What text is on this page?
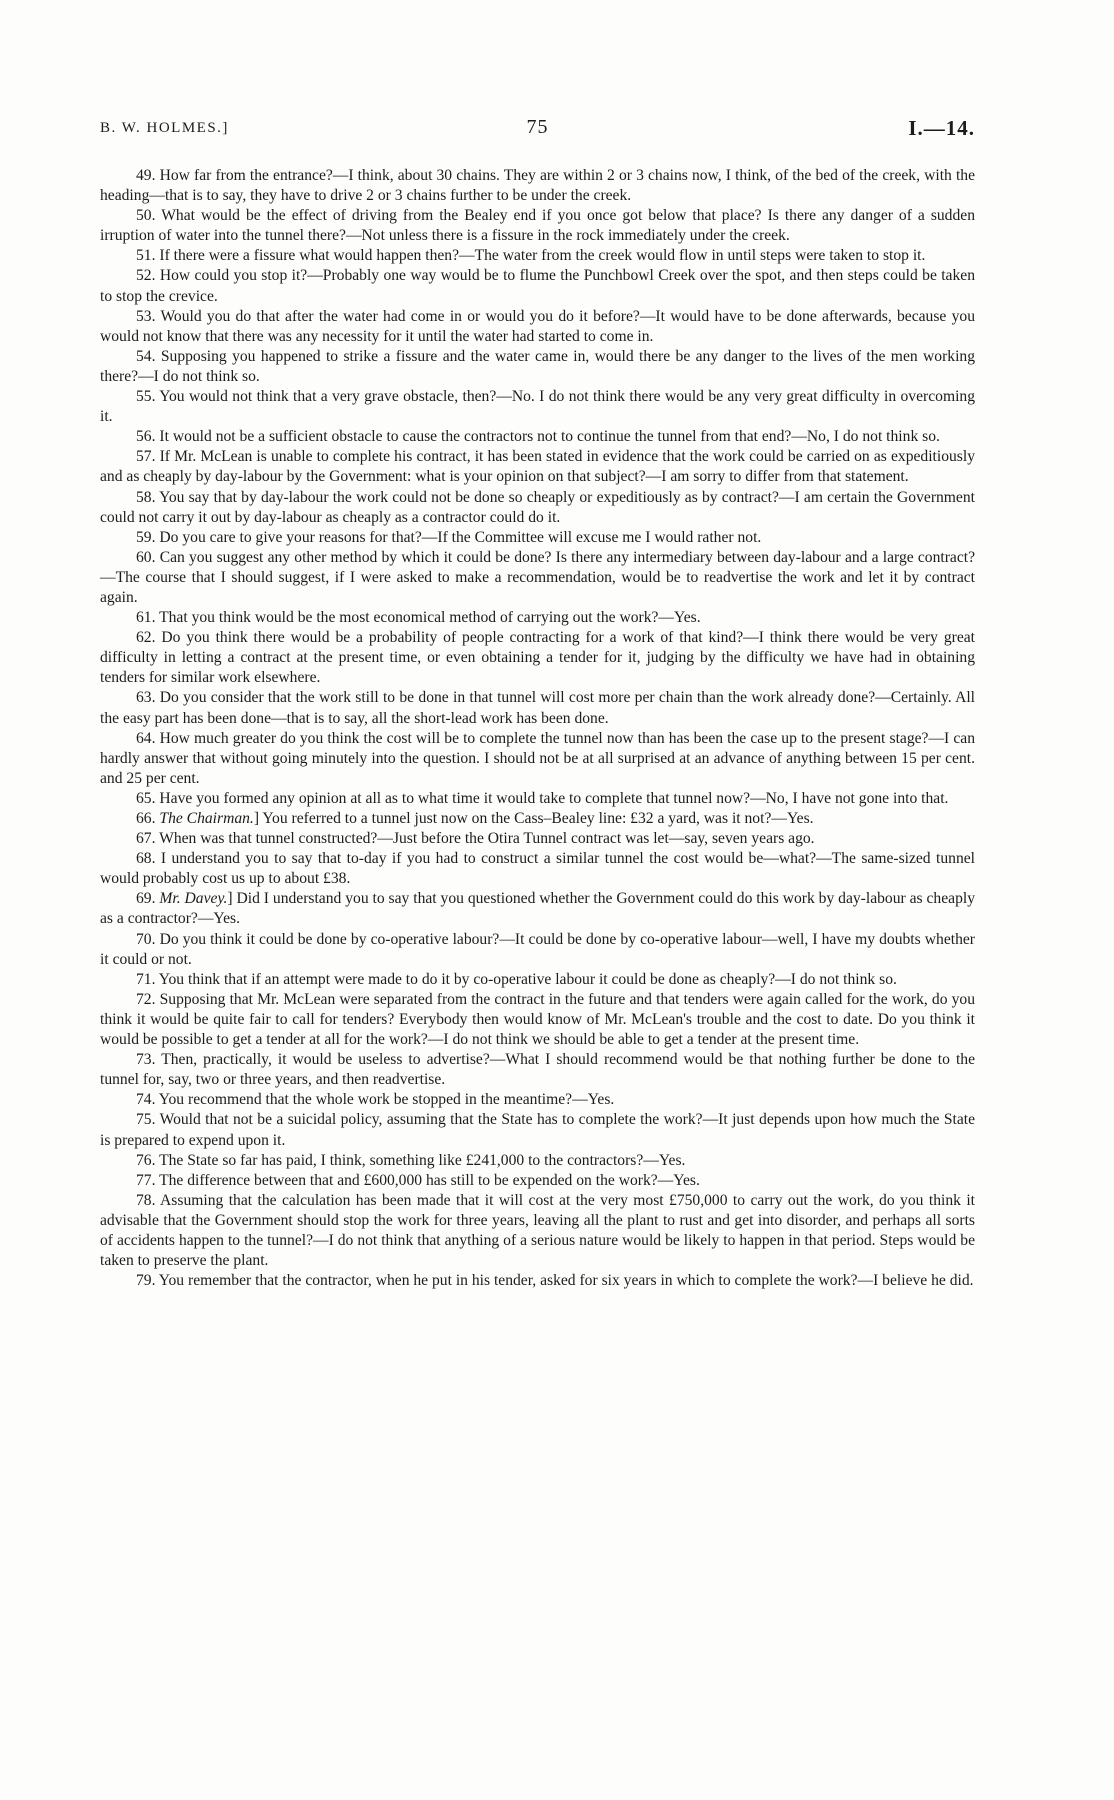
B. W. HOLMES.]	75	I.—14.

49. How far from the entrance?—I think, about 30 chains. They are within 2 or 3 chains now, I think, of the bed of the creek, with the heading—that is to say, they have to drive 2 or 3 chains further to be under the creek.

50. What would be the effect of driving from the Bealey end if you once got below that place? Is there any danger of a sudden irruption of water into the tunnel there?—Not unless there is a fissure in the rock immediately under the creek.

51. If there were a fissure what would happen then?—The water from the creek would flow in until steps were taken to stop it.

52. How could you stop it?—Probably one way would be to flume the Punchbowl Creek over the spot, and then steps could be taken to stop the crevice.

53. Would you do that after the water had come in or would you do it before?—It would have to be done afterwards, because you would not know that there was any necessity for it until the water had started to come in.

54. Supposing you happened to strike a fissure and the water came in, would there be any danger to the lives of the men working there?—I do not think so.

55. You would not think that a very grave obstacle, then?—No. I do not think there would be any very great difficulty in overcoming it.

56. It would not be a sufficient obstacle to cause the contractors not to continue the tunnel from that end?—No, I do not think so.

57. If Mr. McLean is unable to complete his contract, it has been stated in evidence that the work could be carried on as expeditiously and as cheaply by day-labour by the Government: what is your opinion on that subject?—I am sorry to differ from that statement.

58. You say that by day-labour the work could not be done so cheaply or expeditiously as by contract?—I am certain the Government could not carry it out by day-labour as cheaply as a contractor could do it.

59. Do you care to give your reasons for that?—If the Committee will excuse me I would rather not.

60. Can you suggest any other method by which it could be done? Is there any intermediary between day-labour and a large contract?—The course that I should suggest, if I were asked to make a recommendation, would be to readvertise the work and let it by contract again.

61. That you think would be the most economical method of carrying out the work?—Yes.

62. Do you think there would be a probability of people contracting for a work of that kind?—I think there would be very great difficulty in letting a contract at the present time, or even obtaining a tender for it, judging by the difficulty we have had in obtaining tenders for similar work elsewhere.

63. Do you consider that the work still to be done in that tunnel will cost more per chain than the work already done?—Certainly. All the easy part has been done—that is to say, all the short-lead work has been done.

64. How much greater do you think the cost will be to complete the tunnel now than has been the case up to the present stage?—I can hardly answer that without going minutely into the question. I should not be at all surprised at an advance of anything between 15 per cent. and 25 per cent.

65. Have you formed any opinion at all as to what time it would take to complete that tunnel now?—No, I have not gone into that.

66. The Chairman.] You referred to a tunnel just now on the Cass–Bealey line: £32 a yard, was it not?—Yes.

67. When was that tunnel constructed?—Just before the Otira Tunnel contract was let—say, seven years ago.

68. I understand you to say that to-day if you had to construct a similar tunnel the cost would be—what?—The same-sized tunnel would probably cost us up to about £38.

69. Mr. Davey.] Did I understand you to say that you questioned whether the Government could do this work by day-labour as cheaply as a contractor?—Yes.

70. Do you think it could be done by co-operative labour?—It could be done by co-operative labour—well, I have my doubts whether it could or not.

71. You think that if an attempt were made to do it by co-operative labour it could be done as cheaply?—I do not think so.

72. Supposing that Mr. McLean were separated from the contract in the future and that tenders were again called for the work, do you think it would be quite fair to call for tenders? Everybody then would know of Mr. McLean's trouble and the cost to date. Do you think it would be possible to get a tender at all for the work?—I do not think we should be able to get a tender at the present time.

73. Then, practically, it would be useless to advertise?—What I should recommend would be that nothing further be done to the tunnel for, say, two or three years, and then readvertise.

74. You recommend that the whole work be stopped in the meantime?—Yes.

75. Would that not be a suicidal policy, assuming that the State has to complete the work?—It just depends upon how much the State is prepared to expend upon it.

76. The State so far has paid, I think, something like £241,000 to the contractors?—Yes.

77. The difference between that and £600,000 has still to be expended on the work?—Yes.

78. Assuming that the calculation has been made that it will cost at the very most £750,000 to carry out the work, do you think it advisable that the Government should stop the work for three years, leaving all the plant to rust and get into disorder, and perhaps all sorts of accidents happen to the tunnel?—I do not think that anything of a serious nature would be likely to happen in that period. Steps would be taken to preserve the plant.

79. You remember that the contractor, when he put in his tender, asked for six years in which to complete the work?—I believe he did.
